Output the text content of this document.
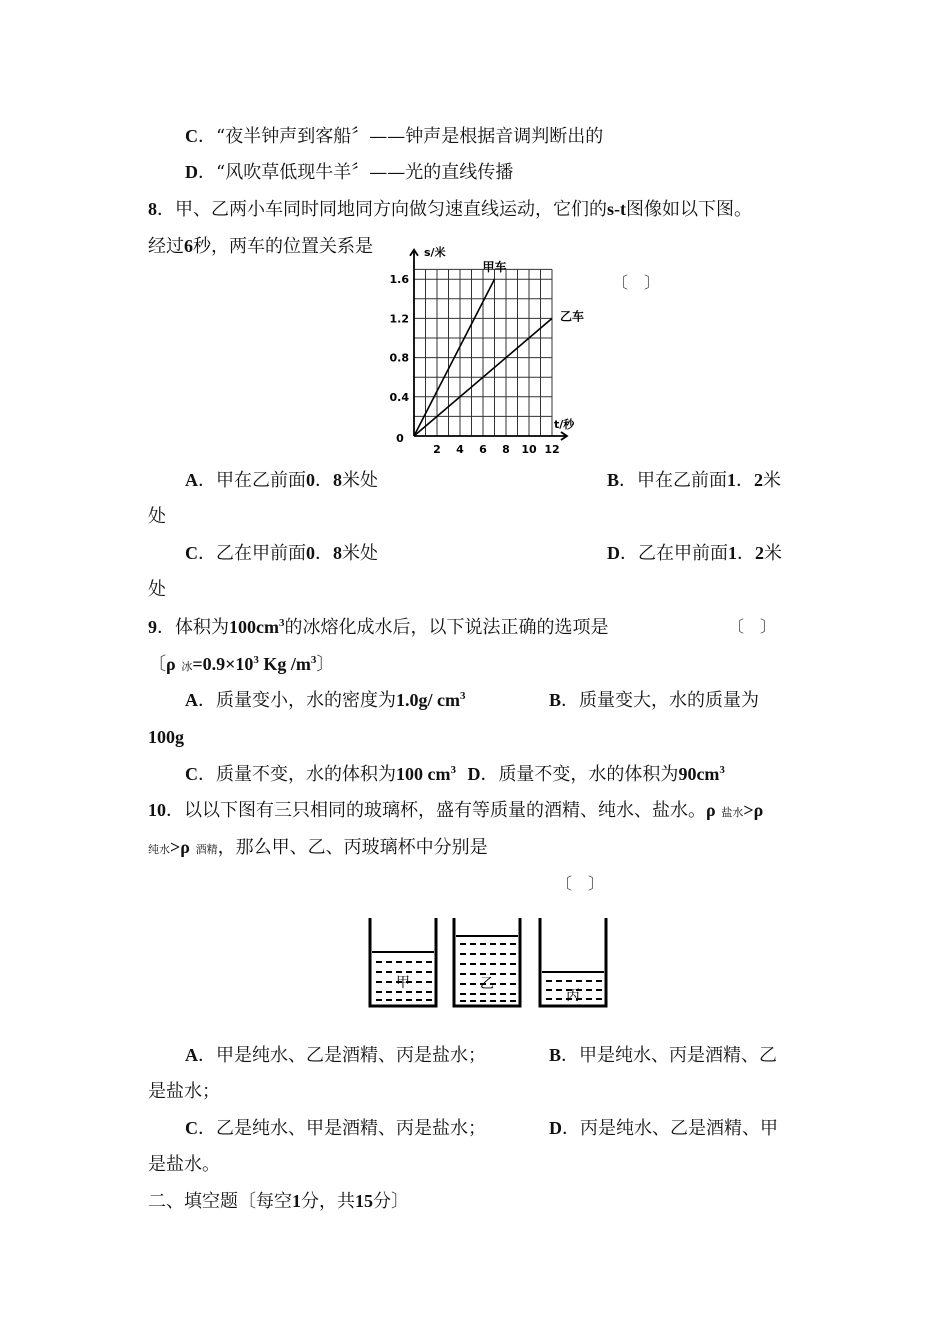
C．“夜半钟声到客船〞——钟声是根据音调判断出的
D．“风吹草低现牛羊〞——光的直线传播
8．甲、乙两小车同时同地同方向做匀速直线运动，它们的s-t图像如以下图。
经过6秒，两车的位置关系是
〔　〕
2 4 6 8 10 12
0.4
0.8
1.2
1.6
0
s/米
t/秒
甲车
乙车
A．甲在乙前面0．8米处	B．甲在乙前面1．2米
处
C．乙在甲前面0．8米处	D．乙在甲前面1．2米
处
9．体积为$100cm^3$的冰熔化成水后，以下说法正确的选项是	〔　〕
〔ρ 冰$=0.9\times 10^3$ Kg $/m^3$〕
A．质量变小，水的密度为1.0g/ $cm^3$	B．质量变大，水的质量为
100g
C．质量不变，水的体积为100 $cm^3$ D．质量不变，水的体积为$90cm^3$
10．以以下图有三只相同的玻璃杯，盛有等质量的酒精、纯水、盐水。ρ 盐水>ρ
纯水>ρ 酒精，那么甲、乙、丙玻璃杯中分别是
〔　〕
甲	乙
丙
A．甲是纯水、乙是酒精、丙是盐水；	B．甲是纯水、丙是酒精、乙
是盐水；
C．乙是纯水、甲是酒精、丙是盐水；	D．丙是纯水、乙是酒精、甲
是盐水。
二、填空题〔每空1分，共15分〕
